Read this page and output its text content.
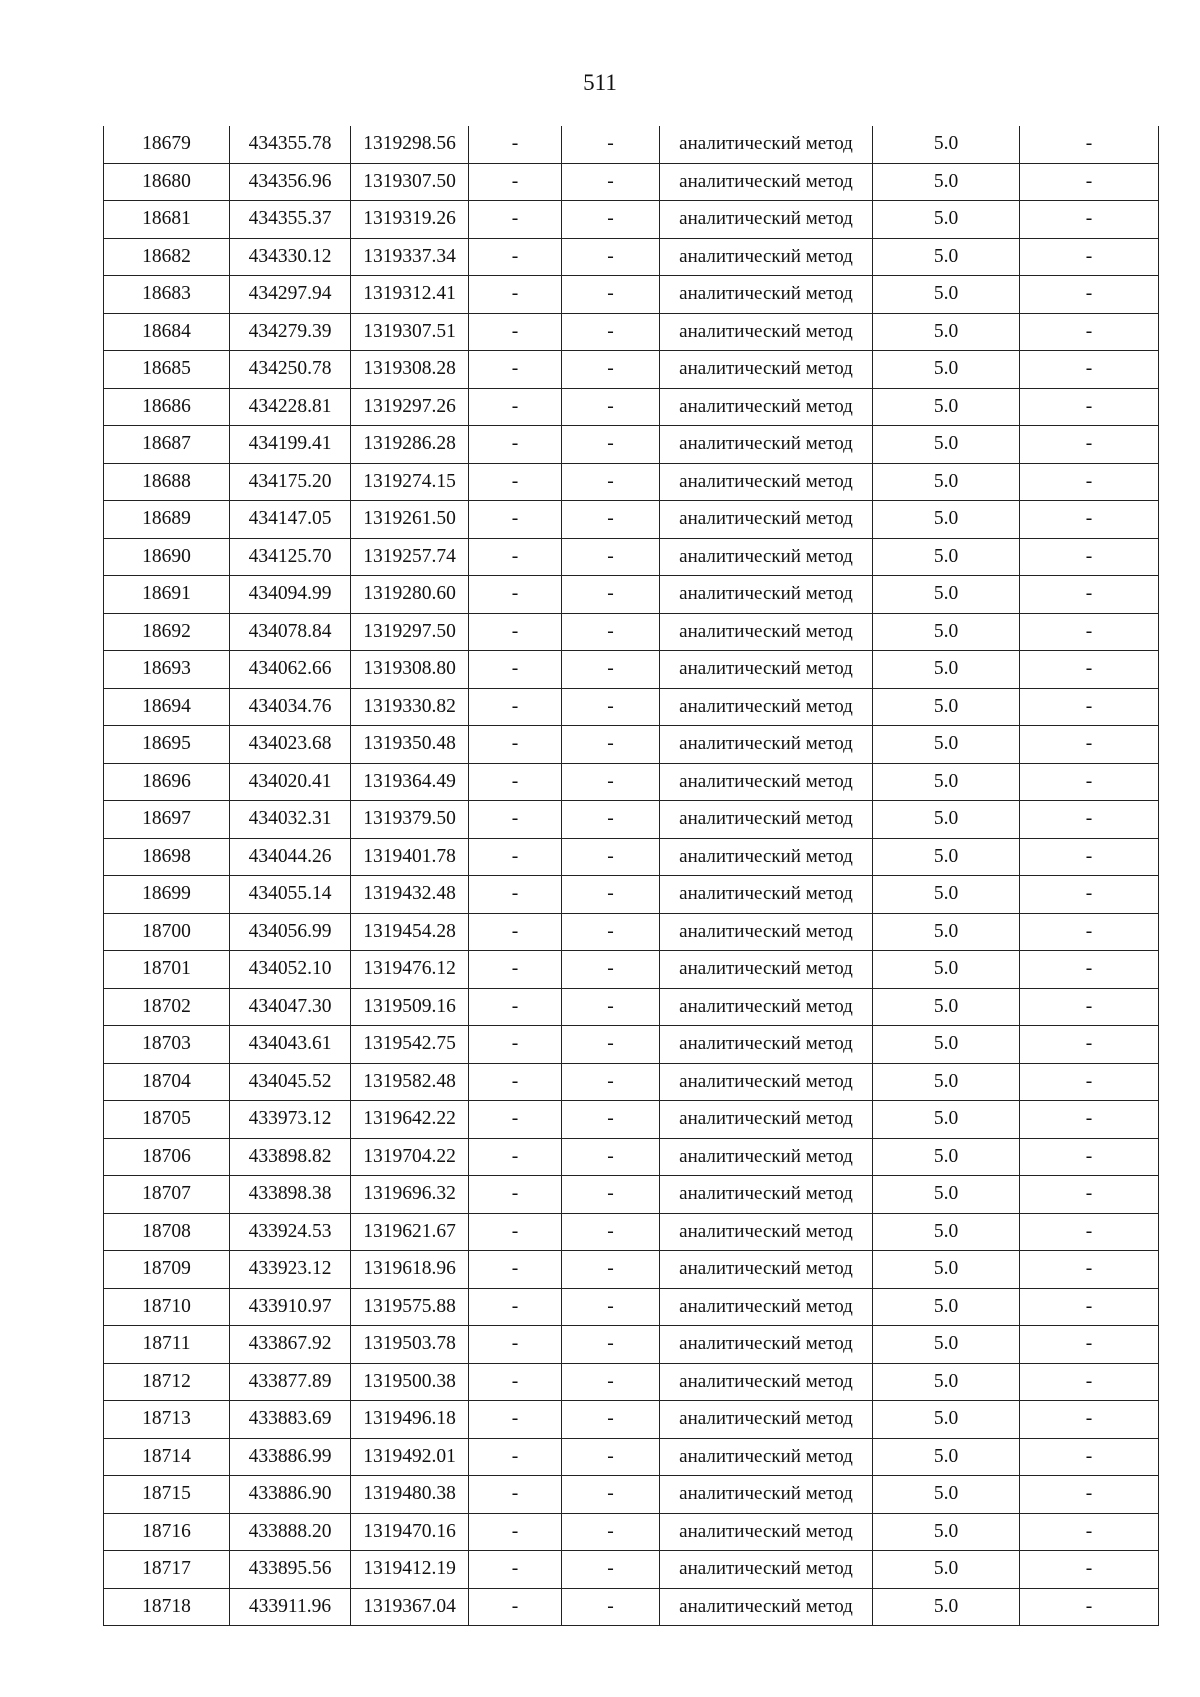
511
18679	434355.78	1319298.56	-	-	аналитический метод	5.0	-
18680	434356.96	1319307.50	-	-	аналитический метод	5.0	-
18681	434355.37	1319319.26	-	-	аналитический метод	5.0	-
18682	434330.12	1319337.34	-	-	аналитический метод	5.0	-
18683	434297.94	1319312.41	-	-	аналитический метод	5.0	-
18684	434279.39	1319307.51	-	-	аналитический метод	5.0	-
18685	434250.78	1319308.28	-	-	аналитический метод	5.0	-
18686	434228.81	1319297.26	-	-	аналитический метод	5.0	-
18687	434199.41	1319286.28	-	-	аналитический метод	5.0	-
18688	434175.20	1319274.15	-	-	аналитический метод	5.0	-
18689	434147.05	1319261.50	-	-	аналитический метод	5.0	-
18690	434125.70	1319257.74	-	-	аналитический метод	5.0	-
18691	434094.99	1319280.60	-	-	аналитический метод	5.0	-
18692	434078.84	1319297.50	-	-	аналитический метод	5.0	-
18693	434062.66	1319308.80	-	-	аналитический метод	5.0	-
18694	434034.76	1319330.82	-	-	аналитический метод	5.0	-
18695	434023.68	1319350.48	-	-	аналитический метод	5.0	-
18696	434020.41	1319364.49	-	-	аналитический метод	5.0	-
18697	434032.31	1319379.50	-	-	аналитический метод	5.0	-
18698	434044.26	1319401.78	-	-	аналитический метод	5.0	-
18699	434055.14	1319432.48	-	-	аналитический метод	5.0	-
18700	434056.99	1319454.28	-	-	аналитический метод	5.0	-
18701	434052.10	1319476.12	-	-	аналитический метод	5.0	-
18702	434047.30	1319509.16	-	-	аналитический метод	5.0	-
18703	434043.61	1319542.75	-	-	аналитический метод	5.0	-
18704	434045.52	1319582.48	-	-	аналитический метод	5.0	-
18705	433973.12	1319642.22	-	-	аналитический метод	5.0	-
18706	433898.82	1319704.22	-	-	аналитический метод	5.0	-
18707	433898.38	1319696.32	-	-	аналитический метод	5.0	-
18708	433924.53	1319621.67	-	-	аналитический метод	5.0	-
18709	433923.12	1319618.96	-	-	аналитический метод	5.0	-
18710	433910.97	1319575.88	-	-	аналитический метод	5.0	-
18711	433867.92	1319503.78	-	-	аналитический метод	5.0	-
18712	433877.89	1319500.38	-	-	аналитический метод	5.0	-
18713	433883.69	1319496.18	-	-	аналитический метод	5.0	-
18714	433886.99	1319492.01	-	-	аналитический метод	5.0	-
18715	433886.90	1319480.38	-	-	аналитический метод	5.0	-
18716	433888.20	1319470.16	-	-	аналитический метод	5.0	-
18717	433895.56	1319412.19	-	-	аналитический метод	5.0	-
18718	433911.96	1319367.04	-	-	аналитический метод	5.0	-
